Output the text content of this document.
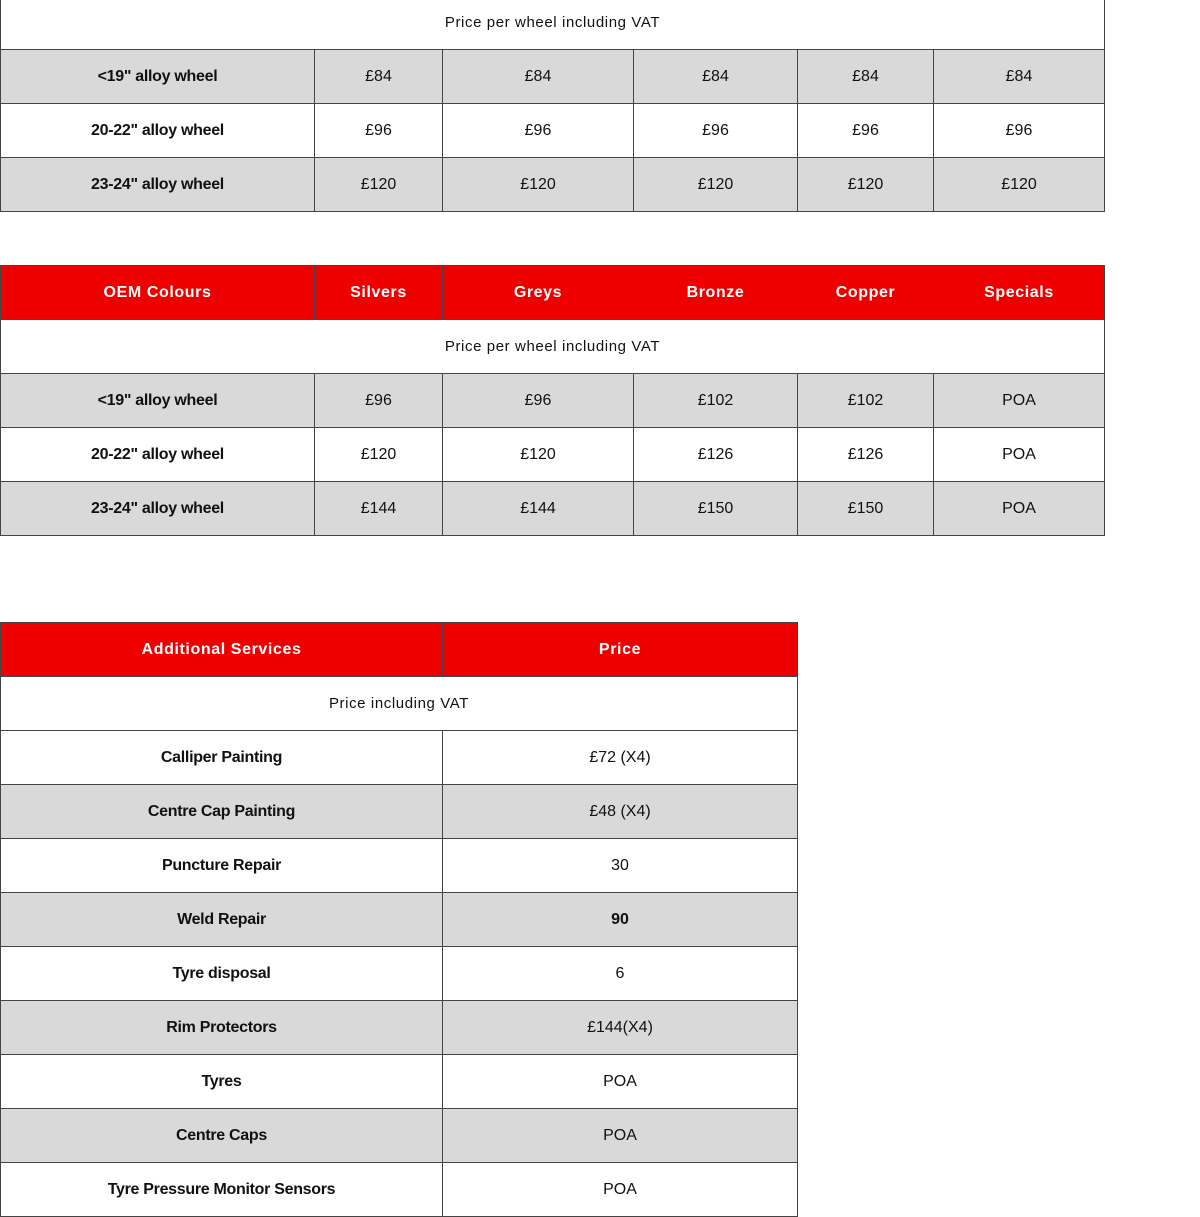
Price per wheel including VAT					
<19" alloy wheel	£84	£84	£84	£84	£84
20-22" alloy wheel	£96	£96	£96	£96	£96
23-24" alloy wheel	£120	£120	£120	£120	£120
OEM Colours	Silvers	Greys	Bronze	Copper	Specials
Price per wheel including VAT					
<19" alloy wheel	£96	£96	£102	£102	POA
20-22" alloy wheel	£120	£120	£126	£126	POA
23-24" alloy wheel	£144	£144	£150	£150	POA
Additional Services	Price
Price including VAT	
Calliper Painting	£72 (X4)
Centre Cap Painting	£48 (X4)
Puncture Repair	30
Weld Repair	90
Tyre disposal	6
Rim Protectors	£144(X4)
Tyres	POA
Centre Caps	POA
Tyre Pressure Monitor Sensors	POA
